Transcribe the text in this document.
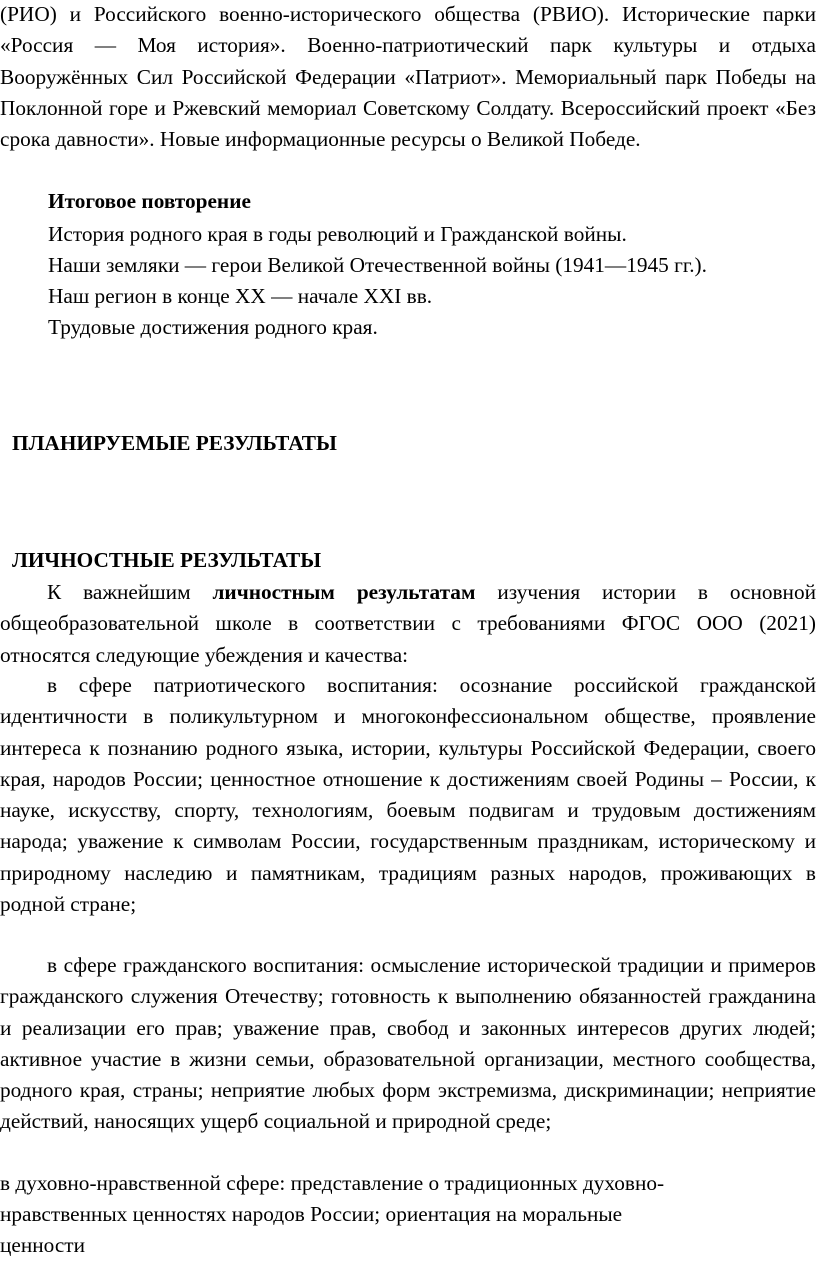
(РИО) и Российского военно-исторического общества (РВИО). Исторические парки «Россия — Моя история». Военно-патриотический парк культуры и отдыха Вооружённых Сил Российской Федерации «Патриот». Мемориальный парк Победы на Поклонной горе и Ржевский мемориал Советскому Солдату. Всероссийский проект «Без срока давности». Новые информационные ресурсы о Великой Победе.

Итоговое повторение

История родного края в годы революций и Гражданской войны.

Наши земляки — герои Великой Отечественной войны (1941—1945 гг.).

Наш регион в конце XX — начале XXI вв.

Трудовые достижения родного края.

ПЛАНИРУЕМЫЕ РЕЗУЛЬТАТЫ
ЛИЧНОСТНЫЕ РЕЗУЛЬТАТЫ

К важнейшим личностным результатам изучения истории в основной общеобразовательной школе в соответствии с требованиями ФГОС ООО (2021) относятся следующие убеждения и качества:

в сфере патриотического воспитания: осознание российской гражданской идентичности в поликультурном и многоконфессиональном обществе, проявление интереса к познанию родного языка, истории, культуры Российской Федерации, своего края, народов России; ценностное отношение к достижениям своей Родины – России, к науке, искусству, спорту, технологиям, боевым подвигам и трудовым достижениям народа; уважение к символам России, государственным праздникам, историческому и природному наследию и памятникам, традициям разных народов, проживающих в родной стране;

в сфере гражданского воспитания: осмысление исторической традиции и примеров гражданского служения Отечеству; готовность к выполнению обязанностей гражданина и реализации его прав; уважение прав, свобод и законных интересов других людей; активное участие в жизни семьи, образовательной организации, местного сообщества, родного края, страны; неприятие любых форм экстремизма, дискриминации; неприятие действий, наносящих ущерб социальной и природной среде;

в духовно-нравственной сфере: представление о традиционных духовно-

нравственных ценностях народов России; ориентация на моральные

ценности
